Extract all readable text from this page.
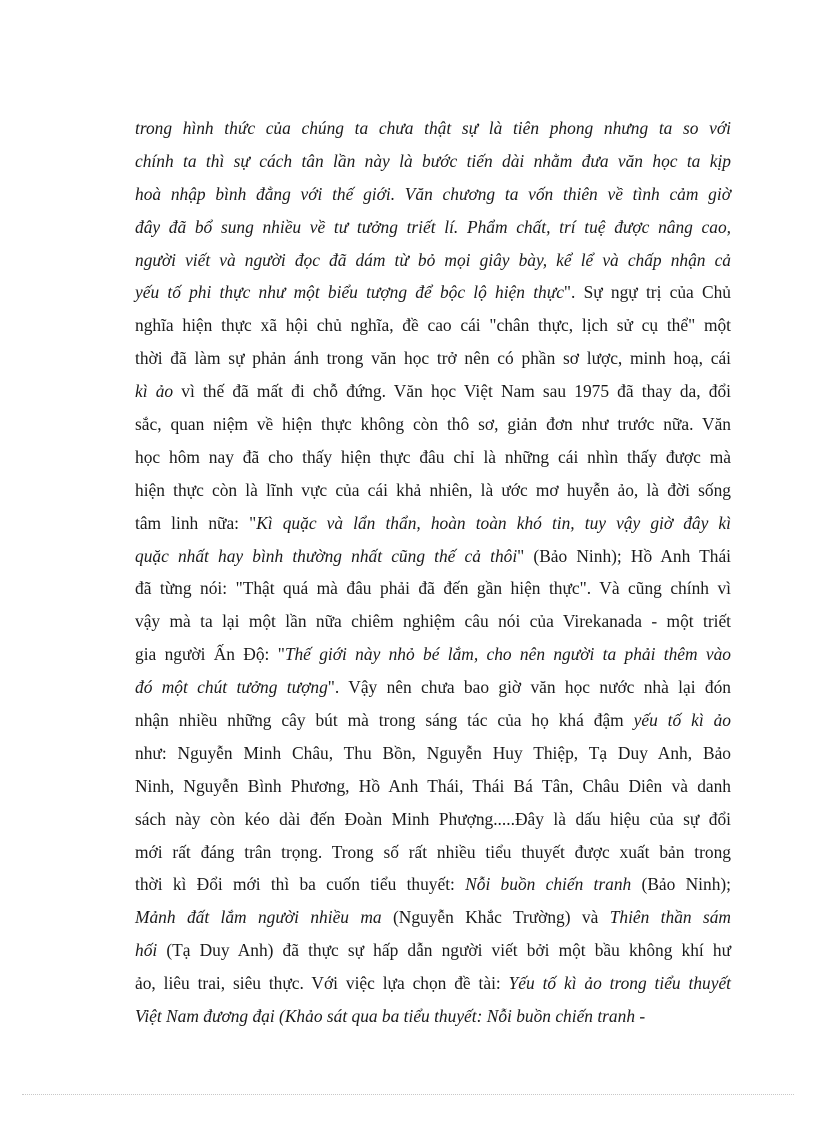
trong hình thức của chúng ta chưa thật sự là tiên phong nhưng ta so với
chính ta thì sự cách tân lần này là bước tiến dài nhằm đưa văn học ta kịp
hoà nhập bình đẳng với thế giới. Văn chương ta vốn thiên về tình cảm giờ
đây đã bổ sung nhiều về tư tưởng triết lí. Phẩm chất, trí tuệ được nâng cao,
người viết và người đọc đã dám từ bỏ mọi giây bày, kể lể và chấp nhận cả
yếu tố phi thực như một biểu tượng để bộc lộ hiện thực". Sự ngự trị của Chủ
nghĩa hiện thực xã hội chủ nghĩa, đề cao cái "chân thực, lịch sử cụ thể" một
thời đã làm sự phản ánh trong văn học trở nên có phần sơ lược, minh hoạ, cái
kì ảo vì thế đã mất đi chỗ đứng. Văn học Việt Nam sau 1975 đã thay da, đổi
sắc, quan niệm về hiện thực không còn thô sơ, giản đơn như trước nữa. Văn
học hôm nay đã cho thấy hiện thực đâu chỉ là những cái nhìn thấy được mà
hiện thực còn là lĩnh vực của cái khả nhiên, là ước mơ huyễn ảo, là đời sống
tâm linh nữa: "Kì quặc và lẩn thẩn, hoàn toàn khó tin, tuy vậy giờ đây kì
quặc nhất hay bình thường nhất cũng thế cả thôi" (Bảo Ninh); Hồ Anh Thái
đã từng nói: "Thật quá mà đâu phải đã đến gần hiện thực". Và cũng chính vì
vậy mà ta lại một lần nữa chiêm nghiệm câu nói của Virekanada - một triết
gia người Ấn Độ: "Thế giới này nhỏ bé lắm, cho nên người ta phải thêm vào
đó một chút tưởng tượng". Vậy nên chưa bao giờ văn học nước nhà lại đón
nhận nhiều những cây bút mà trong sáng tác của họ khá đậm yếu tố kì ảo
như: Nguyễn Minh Châu, Thu Bồn, Nguyễn Huy Thiệp, Tạ Duy Anh, Bảo
Ninh, Nguyễn Bình Phương, Hồ Anh Thái, Thái Bá Tân, Châu Diên và danh
sách này còn kéo dài đến Đoàn Minh Phượng.....Đây là dấu hiệu của sự đổi
mới rất đáng trân trọng. Trong số rất nhiều tiểu thuyết được xuất bản trong
thời kì Đổi mới thì ba cuốn tiểu thuyết: Nỗi buồn chiến tranh (Bảo Ninh);
Mảnh đất lắm người nhiều ma (Nguyễn Khắc Trường) và Thiên thần sám
hối (Tạ Duy Anh) đã thực sự hấp dẫn người viết bởi một bầu không khí hư
ảo, liêu trai, siêu thực. Với việc lựa chọn đề tài: Yếu tố kì ảo trong tiểu thuyết
Việt Nam đương đại (Khảo sát qua ba tiểu thuyết: Nỗi buồn chiến tranh -
